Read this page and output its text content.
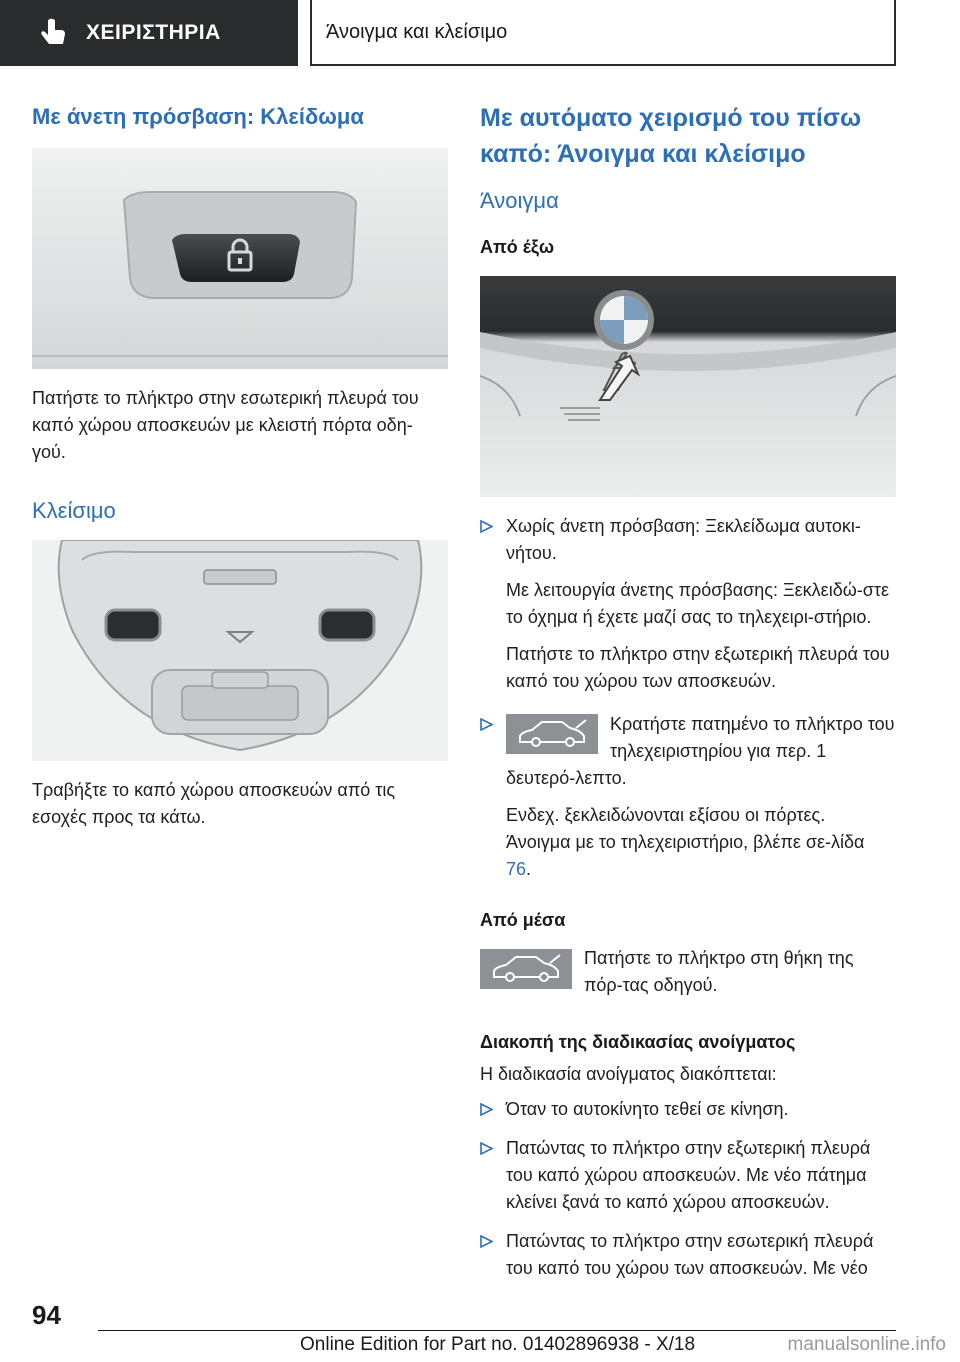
ΧΕΙΡΙΣΤΗΡΙΑ	Άνοιγμα και κλείσιμο
Με άνετη πρόσβαση: Κλείδωμα

Πατήστε το πλήκτρο στην εσωτερική πλευρά του καπό χώρου αποσκευών με κλειστή πόρτα οδη-γού.

Κλείσιμο

Τραβήξτε το καπό χώρου αποσκευών από τις εσοχές προς τα κάτω.

Με αυτόματο χειρισμό του πίσω καπό: Άνοιγμα και κλείσιμο
Άνοιγμα
Από έξω

Χωρίς άνετη πρόσβαση: Ξεκλείδωμα αυτοκι-νήτου.

Με λειτουργία άνετης πρόσβασης: Ξεκλειδώ-στε το όχημα ή έχετε μαζί σας το τηλεχειρι-στήριο.

Πατήστε το πλήκτρο στην εξωτερική πλευρά του καπό του χώρου των αποσκευών.

Κρατήστε πατημένο το πλήκτρο του τηλεχειριστηρίου για περ. 1 δευτερό-λεπτο.

Ενδεχ. ξεκλειδώνονται εξίσου οι πόρτες.

Άνοιγμα με το τηλεχειριστήριο, βλέπε σε-λίδα 76.

Από μέσα

Πατήστε το πλήκτρο στη θήκη της πόρ-τας οδηγού.

Διακοπή της διαδικασίας ανοίγματος

Η διαδικασία ανοίγματος διακόπτεται:

Όταν το αυτοκίνητο τεθεί σε κίνηση.

Πατώντας το πλήκτρο στην εξωτερική πλευρά του καπό χώρου αποσκευών. Με νέο πάτημα κλείνει ξανά το καπό χώρου αποσκευών.

Πατώντας το πλήκτρο στην εσωτερική πλευρά του καπό του χώρου των αποσκευών. Με νέο

94
Online Edition for Part no. 01402896938 - X/18	manualsonline.info
